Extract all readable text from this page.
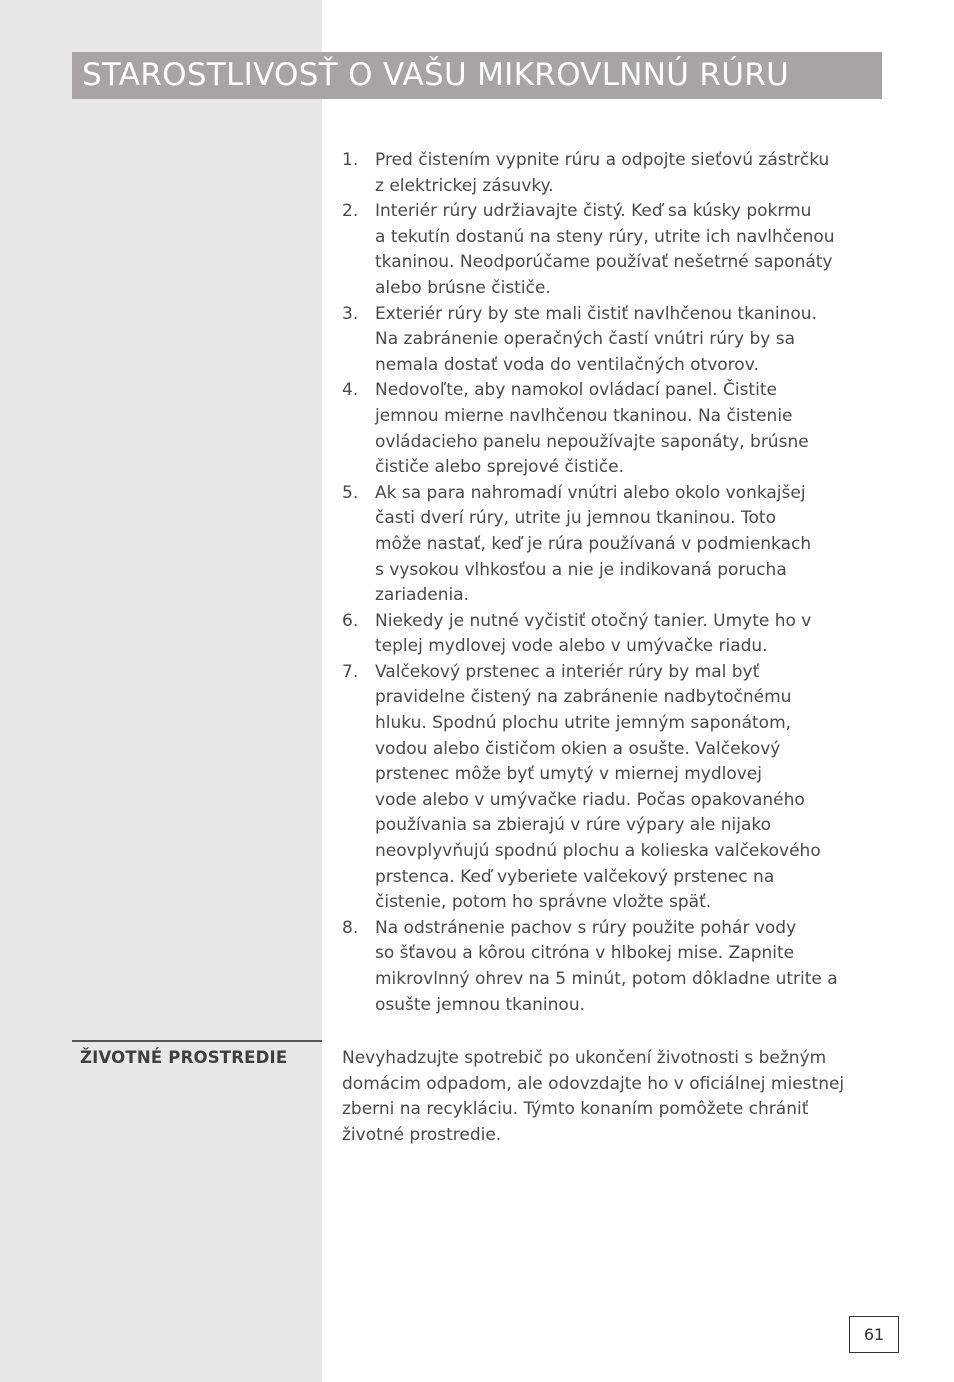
STAROSTLIVOSŤ O VAŠU MIKROVLNNÚ RÚRU
1. Pred čistením vypnite rúru a odpojte sieťovú zástrčku
z elektrickej zásuvky.
2. Interiér rúry udržiavajte čistý. Keď sa kúsky pokrmu
a tekutín dostanú na steny rúry, utrite ich navlhčenou
tkaninou. Neodporúčame používať nešetrné saponáty
alebo brúsne čističe.
3. Exteriér rúry by ste mali čistiť navlhčenou tkaninou.
Na zabránenie operačných častí vnútri rúry by sa
nemala dostať voda do ventilačných otvorov.
4. Nedovoľte, aby namokol ovládací panel. Čistite
jemnou mierne navlhčenou tkaninou. Na čistenie
ovládacieho panelu nepoužívajte saponáty, brúsne
čističe alebo sprejové čističe.
5. Ak sa para nahromadí vnútri alebo okolo vonkajšej
časti dverí rúry, utrite ju jemnou tkaninou. Toto
môže nastať, keď je rúra používaná v podmienkach
s vysokou vlhkosťou a nie je indikovaná porucha
zariadenia.
6. Niekedy je nutné vyčistiť otočný tanier. Umyte ho v
teplej mydlovej vode alebo v umývačke riadu.
7. Valčekový prstenec a interiér rúry by mal byť
pravidelne čistený na zabránenie nadbytočnému
hluku. Spodnú plochu utrite jemným saponátom,
vodou alebo čističom okien a osušte. Valčekový
prstenec môže byť umytý v miernej mydlovej
vode alebo v umývačke riadu. Počas opakovaného
používania sa zbierajú v rúre výpary ale nijako
neovplyvňujú spodnú plochu a kolieska valčekového
prstenca. Keď vyberiete valčekový prstenec na
čistenie, potom ho správne vložte späť.
8. Na odstránenie pachov s rúry použite pohár vody
so šťavou a kôrou citróna v hlbokej mise. Zapnite
mikrovlnný ohrev na 5 minút, potom dôkladne utrite a
osušte jemnou tkaninou.
ŽIVOTNÉ PROSTREDIE	Nevyhadzujte spotrebič po ukončení životnosti s bežným
domácim odpadom, ale odovzdajte ho v oficiálnej miestnej
zberni na recykláciu. Týmto konaním pomôžete chrániť
životné prostredie.
61
